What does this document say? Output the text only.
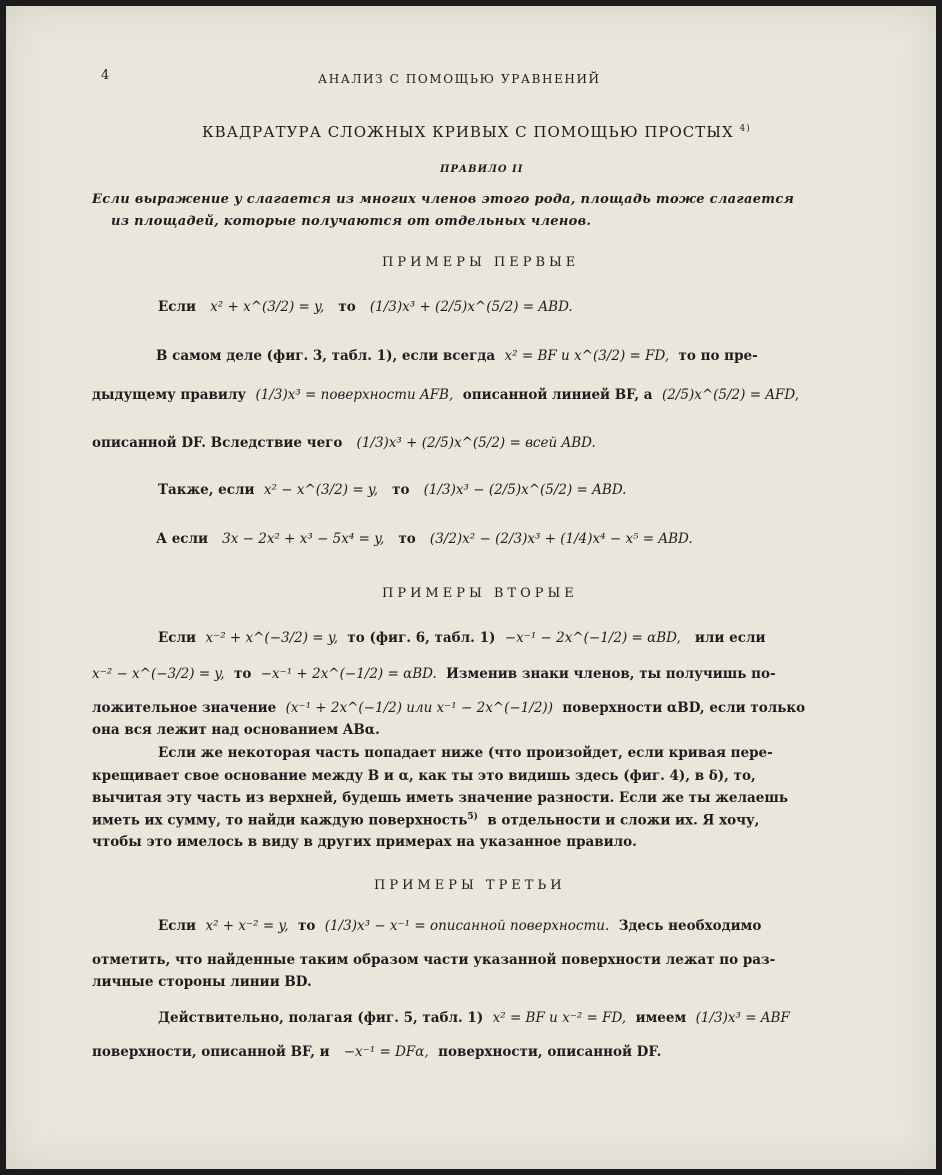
4	АНАЛИЗ С ПОМОЩЬЮ УРАВНЕНИЙ
КВАДРАТУРА СЛОЖНЫХ КРИВЫХ С ПОМОЩЬЮ ПРОСТЫХ $^{4)}$
ПРАВИЛО II
Если выражение y слагается из многих членов этого рода, площадь тоже слагается
из площадей, которые получаются от отдельных членов.
ПРИМЕРЫ ПЕРВЫЕ
Если x² + x^(3/2) = y, то (1/3)x³ + (2/5)x^(5/2) = ABD.
В самом деле (фиг. 3, табл. 1), если всегда x² = BF и x^(3/2) = FD, то по пре-
дыдущему правилу (1/3)x³ = поверхности AFB, описанной линией BF, а (2/5)x^(5/2) = AFD,
описанной DF. Вследствие чего (1/3)x³ + (2/5)x^(5/2) = всей ABD.
Также, если x² − x^(3/2) = y, то (1/3)x³ − (2/5)x^(5/2) = ABD.
А если 3x − 2x² + x³ − 5x⁴ = y, то (3/2)x² − (2/3)x³ + (1/4)x⁴ − x⁵ = ABD.
ПРИМЕРЫ ВТОРЫЕ
Если x⁻² + x^(−3/2) = y, то (фиг. 6, табл. 1) −x⁻¹ − 2x^(−1/2) = αBD, или если
x⁻² − x^(−3/2) = y, то −x⁻¹ + 2x^(−1/2) = αBD. Изменив знаки членов, ты получишь по-
ложительное значение (x⁻¹ + 2x^(−1/2) или x⁻¹ − 2x^(−1/2)) поверхности αBD, если только
она вся лежит над основанием ABα.
Если же некоторая часть попадает ниже (что произойдет, если кривая пере-
крещивает свое основание между B и α, как ты это видишь здесь (фиг. 4), в δ), то,
вычитая эту часть из верхней, будешь иметь значение разности. Если же ты желаешь
иметь их сумму, то найди каждую поверхность$^{5)}$ в отдельности и сложи их. Я хочу,
чтобы это имелось в виду в других примерах на указанное правило.
ПРИМЕРЫ ТРЕТЬИ
Если x² + x⁻² = y, то (1/3)x³ − x⁻¹ = описанной поверхности. Здесь необходимо
отметить, что найденные таким образом части указанной поверхности лежат по раз-
личные стороны линии BD.
Действительно, полагая (фиг. 5, табл. 1) x² = BF и x⁻² = FD, имеем (1/3)x³ = ABF
поверхности, описанной BF, и −x⁻¹ = DFα, поверхности, описанной DF.
